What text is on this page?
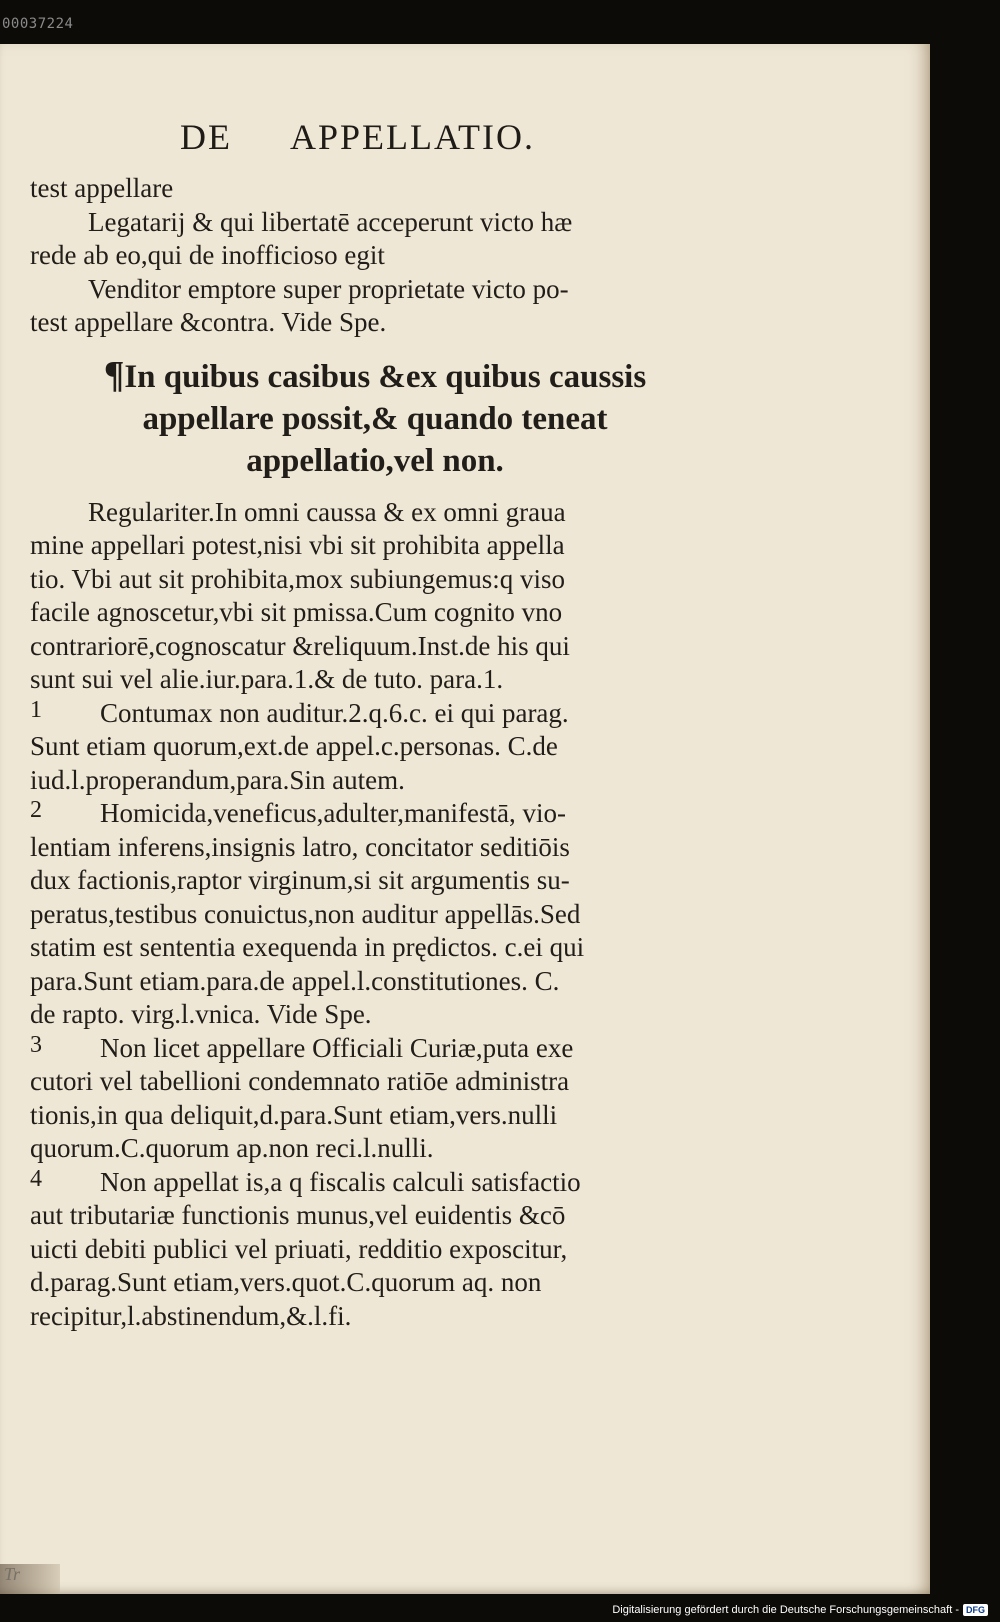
00037224
DE APPELLATIO.
test appellare
Legatarij & qui libertatē acceperunt victo hæ
rede ab eo,qui de inofficioso egit
Venditor emptore super proprietate victo po-
test appellare &contra. Vide Spe.
¶In quibus casibus &ex quibus caussis
appellare possit,& quando teneat
appellatio,vel non.
Regulariter.In omni caussa & ex omni graua
mine appellari potest,nisi vbi sit prohibita appella
tio. Vbi aut sit prohibita,mox subiungemus:q viso
facile agnoscetur,vbi sit pmissa.Cum cognito vno
contrariorē,cognoscatur &reliquum.Inst.de his qui
sunt sui vel alie.iur.para.1.& de tuto. para.1.
1	Contumax non auditur.2.q.6.c. ei qui parag.
Sunt etiam quorum,ext.de appel.c.personas. C.de
iud.l.properandum,para.Sin autem.
2	Homicida,veneficus,adulter,manifestā, vio-
lentiam inferens,insignis latro, concitator seditiōis
dux factionis,raptor virginum,si sit argumentis su-
peratus,testibus conuictus,non auditur appellās.Sed
statim est sententia exequenda in prędictos. c.ei qui
para.Sunt etiam.para.de appel.l.constitutiones. C.
de rapto. virg.l.vnica. Vide Spe.
3	Non licet appellare Officiali Curiæ,puta exe
cutori vel tabellioni condemnato ratiōe administra
tionis,in qua deliquit,d.para.Sunt etiam,vers.nulli
quorum.C.quorum ap.non reci.l.nulli.
4	Non appellat is,a q fiscalis calculi satisfactio
aut tributariæ functionis munus,vel euidentis &cō
uicti debiti publici vel priuati, redditio exposcitur,
d.parag.Sunt etiam,vers.quot.C.quorum aq. non
recipitur,l.abstinendum,&.l.fi.
Tr
Digitalisierung gefördert durch die Deutsche Forschungsgemeinschaft - DFG
